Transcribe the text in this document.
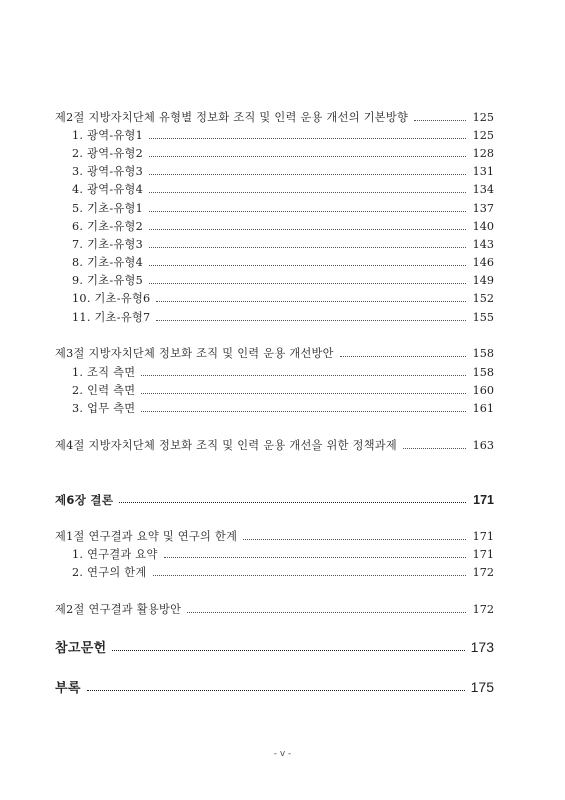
제2절 지방자치단체 유형별 정보화 조직 및 인력 운용 개선의 기본방향	125
1. 광역-유형1	125
2. 광역-유형2	128
3. 광역-유형3	131
4. 광역-유형4	134
5. 기초-유형1	137
6. 기초-유형2	140
7. 기초-유형3	143
8. 기초-유형4	146
9. 기초-유형5	149
10. 기초-유형6	152
11. 기초-유형7	155
제3절 지방자치단체 정보화 조직 및 인력 운용 개선방안	158
1. 조직 측면	158
2. 인력 측면	160
3. 업무 측면	161
제4절 지방자치단체 정보화 조직 및 인력 운용 개선을 위한 정책과제	163
제6장 결론	171
제1절 연구결과 요약 및 연구의 한계	171
1. 연구결과 요약	171
2. 연구의 한계	172
제2절 연구결과 활용방안	172
참고문헌	173
부록	175
- v -
